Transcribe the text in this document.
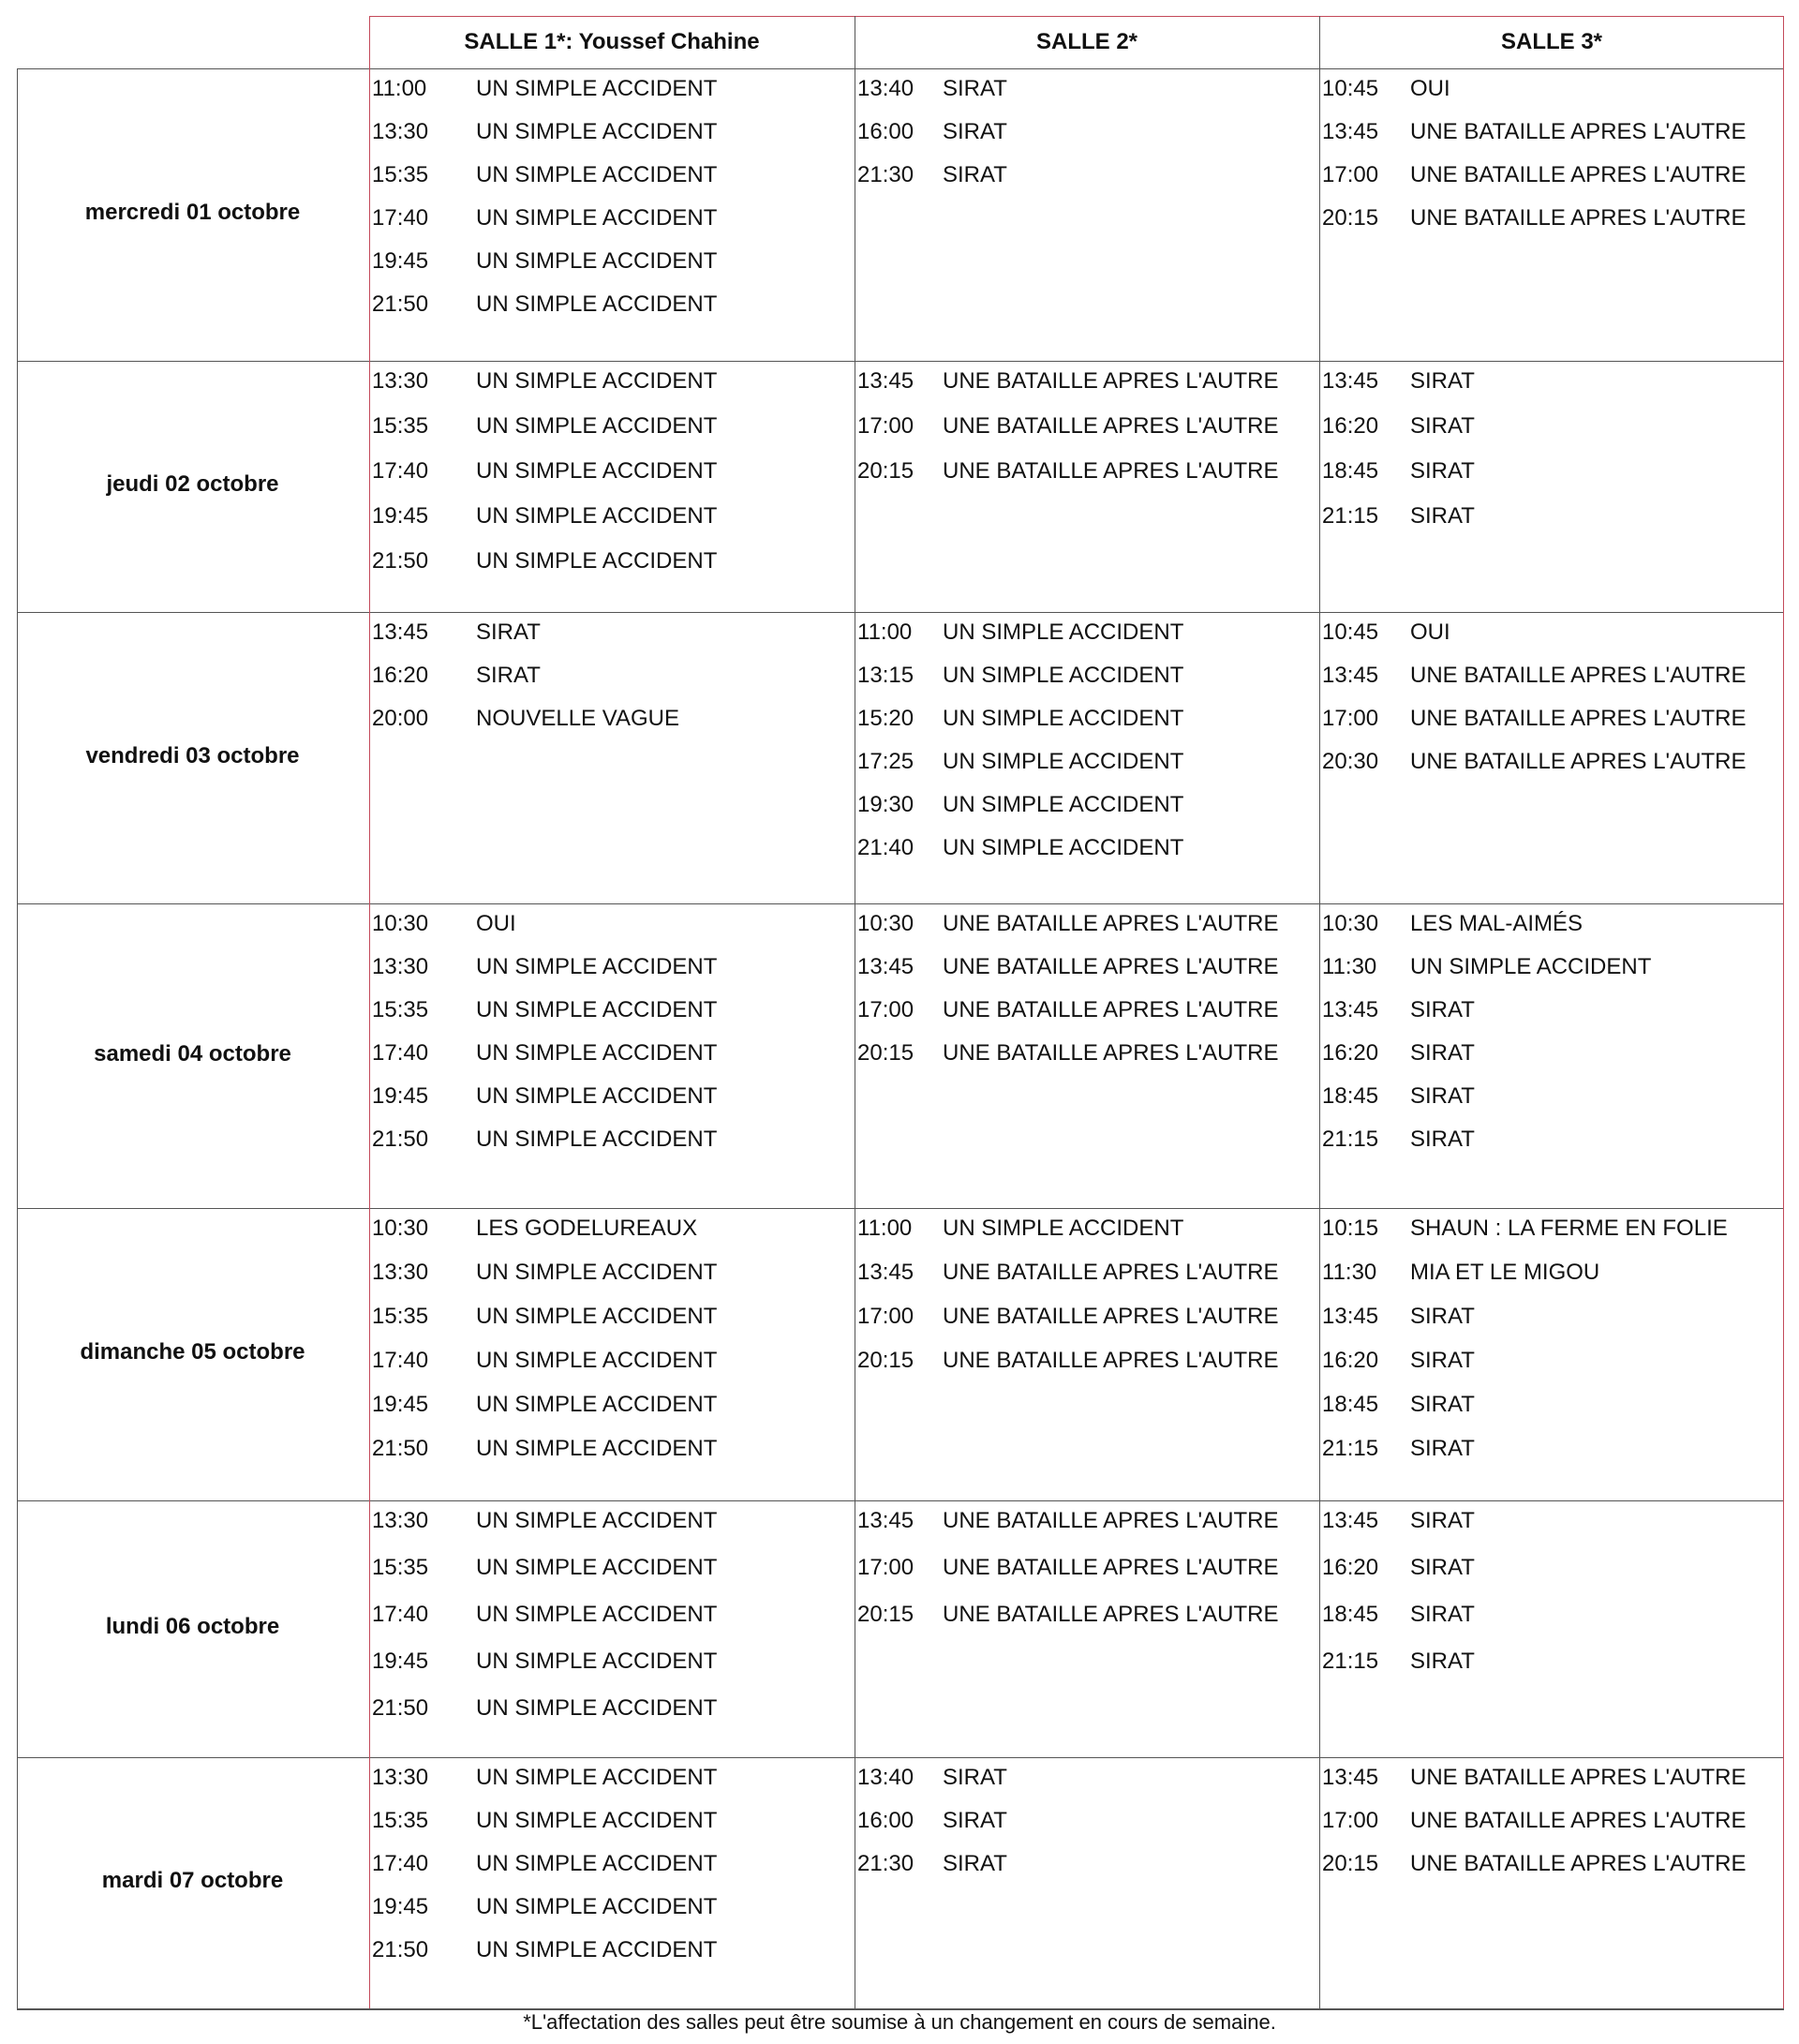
SALLE 1*: Youssef Chahine	SALLE 2*	SALLE 3*
mercredi 01 octobre
11:00 UN SIMPLE ACCIDENT
13:30 UN SIMPLE ACCIDENT
15:35 UN SIMPLE ACCIDENT
17:40 UN SIMPLE ACCIDENT
19:45 UN SIMPLE ACCIDENT
21:50 UN SIMPLE ACCIDENT
13:40 SIRAT
16:00 SIRAT
21:30 SIRAT
10:45 OUI
13:45 UNE BATAILLE APRES L'AUTRE
17:00 UNE BATAILLE APRES L'AUTRE
20:15 UNE BATAILLE APRES L'AUTRE
jeudi 02 octobre
13:30 UN SIMPLE ACCIDENT
15:35 UN SIMPLE ACCIDENT
17:40 UN SIMPLE ACCIDENT
19:45 UN SIMPLE ACCIDENT
21:50 UN SIMPLE ACCIDENT
13:45 UNE BATAILLE APRES L'AUTRE
17:00 UNE BATAILLE APRES L'AUTRE
20:15 UNE BATAILLE APRES L'AUTRE
13:45 SIRAT
16:20 SIRAT
18:45 SIRAT
21:15 SIRAT
vendredi 03 octobre
13:45 SIRAT
16:20 SIRAT
20:00 NOUVELLE VAGUE
11:00 UN SIMPLE ACCIDENT
13:15 UN SIMPLE ACCIDENT
15:20 UN SIMPLE ACCIDENT
17:25 UN SIMPLE ACCIDENT
19:30 UN SIMPLE ACCIDENT
21:40 UN SIMPLE ACCIDENT
10:45 OUI
13:45 UNE BATAILLE APRES L'AUTRE
17:00 UNE BATAILLE APRES L'AUTRE
20:30 UNE BATAILLE APRES L'AUTRE
samedi 04 octobre
10:30 OUI
13:30 UN SIMPLE ACCIDENT
15:35 UN SIMPLE ACCIDENT
17:40 UN SIMPLE ACCIDENT
19:45 UN SIMPLE ACCIDENT
21:50 UN SIMPLE ACCIDENT
10:30 UNE BATAILLE APRES L'AUTRE
13:45 UNE BATAILLE APRES L'AUTRE
17:00 UNE BATAILLE APRES L'AUTRE
20:15 UNE BATAILLE APRES L'AUTRE
10:30 LES MAL-AIMÉS
11:30 UN SIMPLE ACCIDENT
13:45 SIRAT
16:20 SIRAT
18:45 SIRAT
21:15 SIRAT
dimanche 05 octobre
10:30 LES GODELUREAUX
13:30 UN SIMPLE ACCIDENT
15:35 UN SIMPLE ACCIDENT
17:40 UN SIMPLE ACCIDENT
19:45 UN SIMPLE ACCIDENT
21:50 UN SIMPLE ACCIDENT
11:00 UN SIMPLE ACCIDENT
13:45 UNE BATAILLE APRES L'AUTRE
17:00 UNE BATAILLE APRES L'AUTRE
20:15 UNE BATAILLE APRES L'AUTRE
10:15 SHAUN : LA FERME EN FOLIE
11:30 MIA ET LE MIGOU
13:45 SIRAT
16:20 SIRAT
18:45 SIRAT
21:15 SIRAT
lundi 06 octobre
13:30 UN SIMPLE ACCIDENT
15:35 UN SIMPLE ACCIDENT
17:40 UN SIMPLE ACCIDENT
19:45 UN SIMPLE ACCIDENT
21:50 UN SIMPLE ACCIDENT
13:45 UNE BATAILLE APRES L'AUTRE
17:00 UNE BATAILLE APRES L'AUTRE
20:15 UNE BATAILLE APRES L'AUTRE
13:45 SIRAT
16:20 SIRAT
18:45 SIRAT
21:15 SIRAT
mardi 07 octobre
13:30 UN SIMPLE ACCIDENT
15:35 UN SIMPLE ACCIDENT
17:40 UN SIMPLE ACCIDENT
19:45 UN SIMPLE ACCIDENT
21:50 UN SIMPLE ACCIDENT
13:40 SIRAT
16:00 SIRAT
21:30 SIRAT
13:45 UNE BATAILLE APRES L'AUTRE
17:00 UNE BATAILLE APRES L'AUTRE
20:15 UNE BATAILLE APRES L'AUTRE
*L'affectation des salles peut être soumise à un changement en cours de semaine.
